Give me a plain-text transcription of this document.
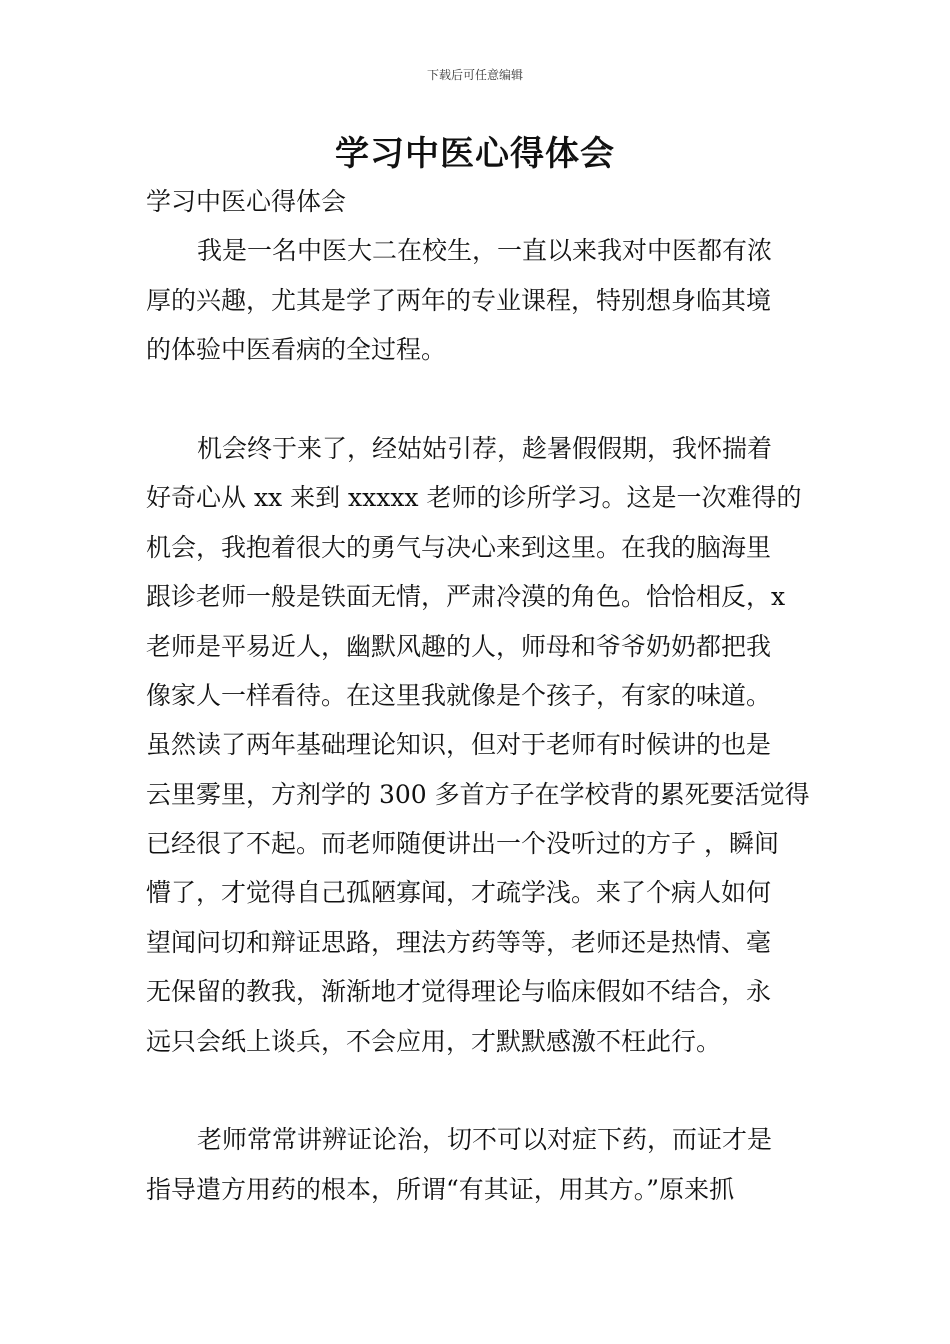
下载后可任意编辑
学习中医心得体会
学习中医心得体会
我是一名中医大二在校生，一直以来我对中医都有浓
厚的兴趣，尤其是学了两年的专业课程，特别想身临其境
的体验中医看病的全过程。
机会终于来了，经姑姑引荐，趁暑假假期，我怀揣着
好奇心从 xx 来到 xxxxx 老师的诊所学习。这是一次难得的
机会，我抱着很大的勇气与决心来到这里。在我的脑海里
跟诊老师一般是铁面无情，严肃冷漠的角色。恰恰相反，x
老师是平易近人，幽默风趣的人，师母和爷爷奶奶都把我
像家人一样看待。在这里我就像是个孩子，有家的味道。
虽然读了两年基础理论知识，但对于老师有时候讲的也是
云里雾里，方剂学的 300 多首方子在学校背的累死要活觉得
已经很了不起。而老师随便讲出一个没听过的方子 ，瞬间
懵了，才觉得自己孤陋寡闻，才疏学浅。来了个病人如何
望闻问切和辩证思路，理法方药等等，老师还是热情、毫
无保留的教我，渐渐地才觉得理论与临床假如不结合，永
远只会纸上谈兵，不会应用，才默默感激不枉此行。
老师常常讲辨证论治，切不可以对症下药，而证才是
指导遣方用药的根本，所谓“有其证，用其方。”原来抓
